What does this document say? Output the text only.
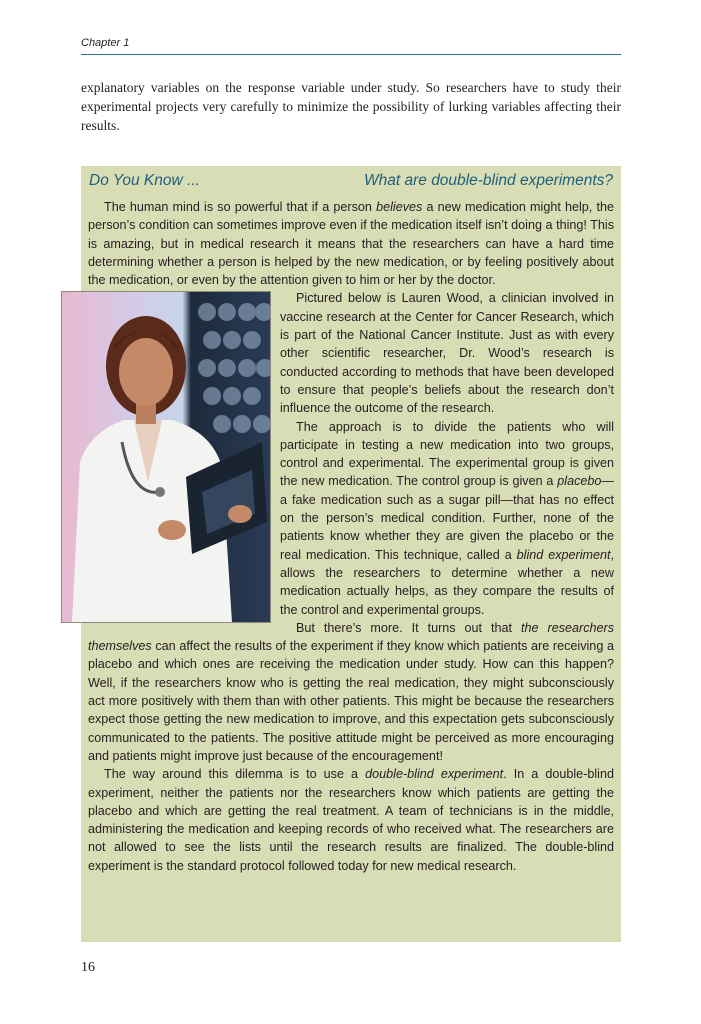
Chapter 1
explanatory variables on the response variable under study. So researchers have to study their experimental projects very carefully to minimize the possibility of lurking variables affecting their results.
Do You Know ...	What are double-blind experiments?

The human mind is so powerful that if a person believes a new medication might help, the person’s condition can sometimes improve even if the medication itself isn’t doing a thing! This is amazing, but in medical research it means that the researchers can have a hard time determining whether a person is helped by the new medication, or by feeling positively about the medication, or even by the attention given to him or her by the doctor.

Pictured below is Lauren Wood, a clinician involved in vaccine research at the Center for Cancer Research, which is part of the National Cancer Institute. Just as with every other scientific researcher, Dr. Wood’s research is conducted according to methods that have been developed to ensure that people’s beliefs about the research don’t influence the outcome of the research.

The approach is to divide the patients who will participate in testing a new medication into two groups, control and experimental. The experimental group is given the new medication. The control group is given a placebo—a fake medication such as a sugar pill—that has no effect on the person’s medical condition. Further, none of the patients know whether they are given the placebo or the real medication. This technique, called a blind experiment, allows the researchers to determine whether a new medication actually helps, as they compare the results of the control and experimental groups.

But there’s more. It turns out that the researchers themselves can affect the results of the experiment if they know which patients are receiving a placebo and which ones are receiving the medication under study. How can this happen? Well, if the researchers know who is getting the real medication, they might subconsciously act more positively with them than with other patients. This might be because the researchers expect those getting the new medication to improve, and this expectation gets subconsciously communicated to the patients. The positive attitude might be perceived as more encouraging and patients might improve just because of the encouragement!

The way around this dilemma is to use a double-blind experiment. In a double-blind experiment, neither the patients nor the researchers know which patients are getting the placebo and which are getting the real treatment. A team of technicians is in the middle, administering the medication and keeping records of who received what. The researchers are not allowed to see the lists until the research results are finalized. The double-blind experiment is the standard protocol followed today for new medical research.

16
